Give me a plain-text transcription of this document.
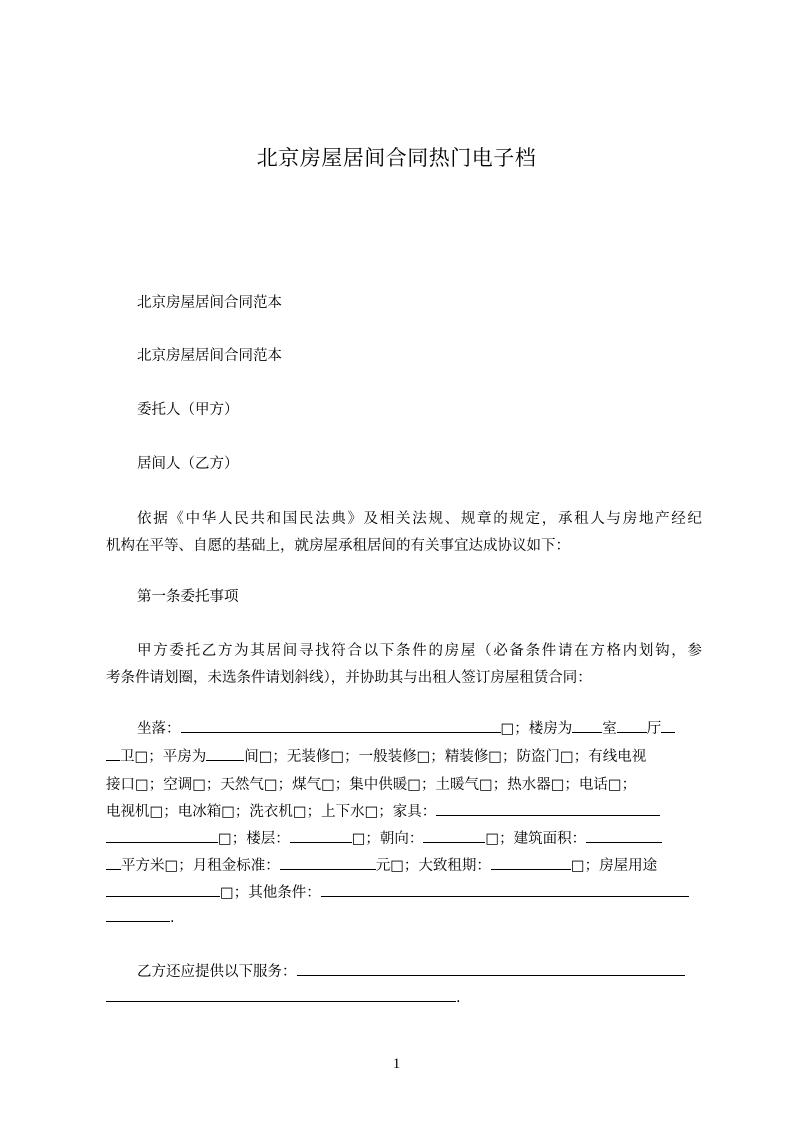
北京房屋居间合同热门电子档
北京房屋居间合同范本
北京房屋居间合同范本
委托人（甲方）
居间人（乙方）
依据《中华人民共和国民法典》及相关法规、规章的规定，承租人与房地产经纪
机构在平等、自愿的基础上，就房屋承租居间的有关事宜达成协议如下：
第一条委托事项
甲方委托乙方为其居间寻找符合以下条件的房屋（必备条件请在方格内划钩，参
考条件请划圈，未选条件请划斜线），并协助其与出租人签订房屋租赁合同：
坐落：	□；楼房为 室 厅
卫□；平房为	间□；无装修□；一般装修□；精装修□；防盗门□；有线电视
接口□；空调□；天然气□；煤气□；集中供暖□；土暖气□；热水器□；电话□；
电视机□；电冰箱□；洗衣机□；上下水□；家具：
□；楼层：	□；朝向：	□；建筑面积：
平方米□；月租金标准：	元□；大致租期：	□；房屋用途
□；其他条件：
.
乙方还应提供以下服务：
.
1
